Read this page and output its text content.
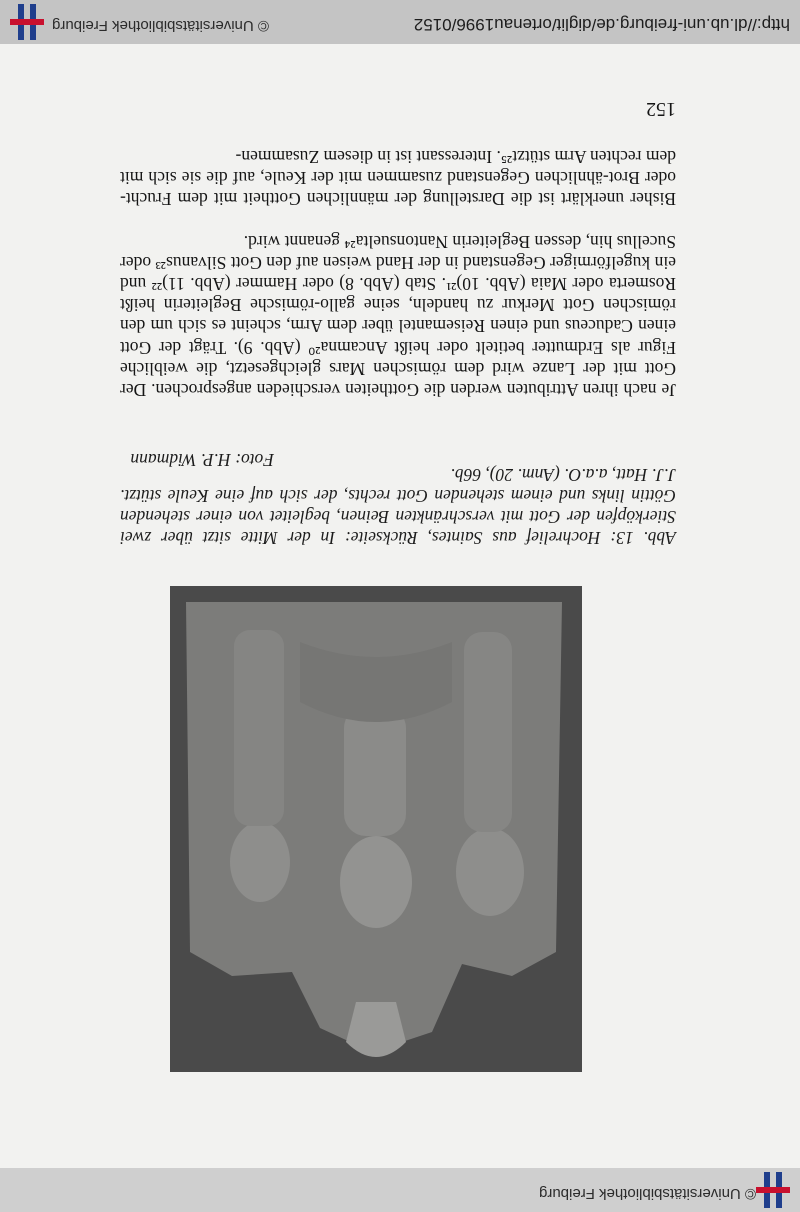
© Universitätsbibliothek Freiburg
Abb. 13: Hochrelief aus Saintes, Rückseite: In der Mitte sitzt über zwei Stierköpfen der Gott mit verschränkten Beinen, begleitet von einer stehenden Göttin links und einem stehenden Gott rechts, der sich auf eine Keule stützt. J.J. Hatt, a.a.O. (Anm. 20), 66b.
Foto: H.P. Widmann

Je nach ihren Attributen werden die Gottheiten verschieden angesprochen. Der Gott mit der Lanze wird dem römischen Mars gleichgesetzt, die weibliche Figur als Erdmutter betitelt oder heißt Ancamna²⁰ (Abb. 9). Trägt der Gott einen Caduceus und einen Reisemantel über dem Arm, scheint es sich um den römischen Gott Merkur zu handeln, seine gallo-römische Begleiterin heißt Rosmerta oder Maia (Abb. 10)²¹. Stab (Abb. 8) oder Hammer (Abb. 11)²² und ein kugelförmiger Gegenstand in der Hand weisen auf den Gott Silvanus²³ oder Sucellus hin, dessen Begleiterin Nantonsuelta²⁴ genannt wird.

Bisher unerklärt ist die Darstellung der männlichen Gottheit mit dem Frucht- oder Brot-ähnlichen Gegenstand zusammen mit der Keule, auf die sie sich mit dem rechten Arm stützt²⁵. Interessant ist in diesem Zusammen-

152
http://dl.ub.uni-freiburg.de/diglit/ortenau1996/0152
© Universitätsbibliothek Freiburg
